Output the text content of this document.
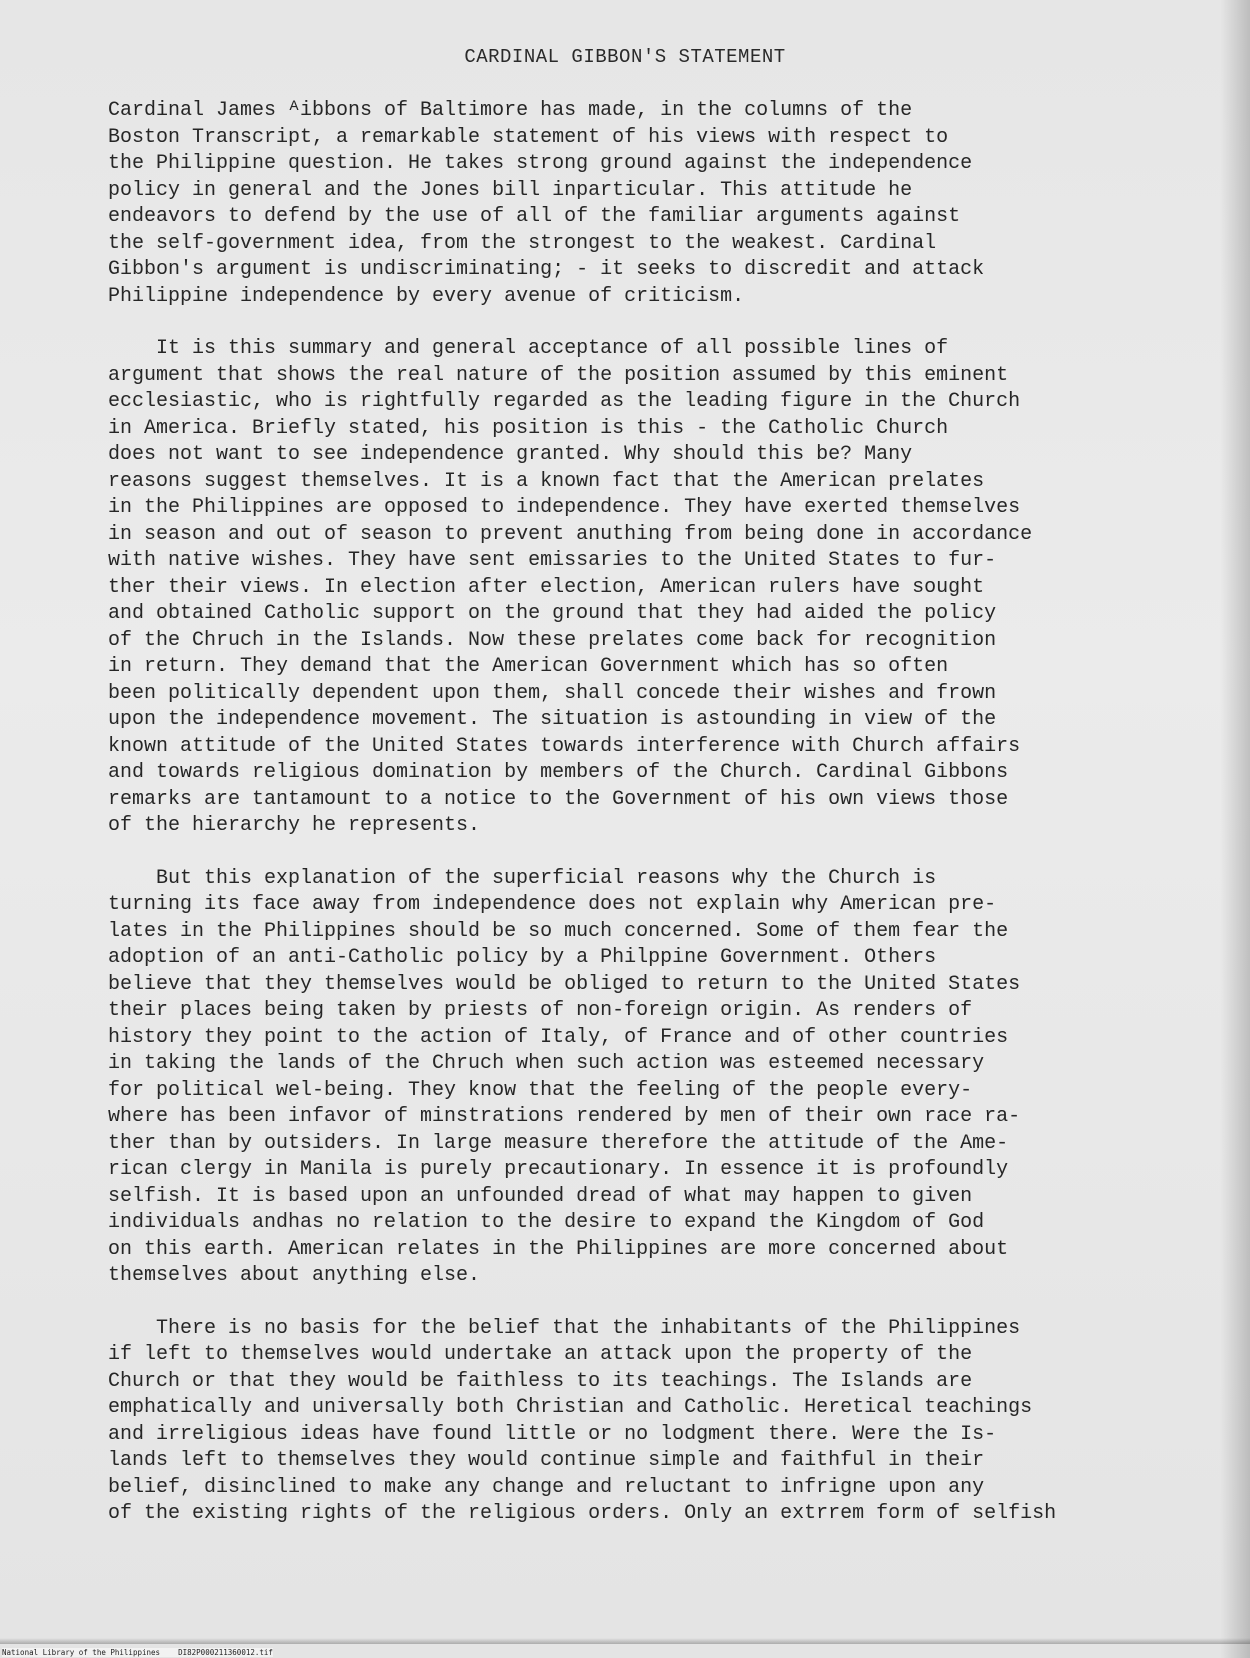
CARDINAL GIBBON'S STATEMENT
Cardinal James ᴬibbons of Baltimore has made, in the columns of the
Boston Transcript, a remarkable statement of his views with respect to
the Philippine question. He takes strong ground against the independence
policy in general and the Jones bill inparticular. This attitude he
endeavors to defend by the use of all of the familiar arguments against
the self-government idea, from the strongest to the weakest. Cardinal
Gibbon's argument is undiscriminating; - it seeks to discredit and attack
Philippine independence by every avenue of criticism.
It is this summary and general acceptance of all possible lines of
argument that shows the real nature of the position assumed by this eminent
ecclesiastic, who is rightfully regarded as the leading figure in the Church
in America. Briefly stated, his position is this - the Catholic Church
does not want to see independence granted. Why should this be? Many
reasons suggest themselves. It is a known fact that the American prelates
in the Philippines are opposed to independence. They have exerted themselves
in season and out of season to prevent anuthing from being done in accordance
with native wishes. They have sent emissaries to the United States to fur-
ther their views. In election after election, American rulers have sought
and obtained Catholic support on the ground that they had aided the policy
of the Chruch in the Islands. Now these prelates come back for recognition
in return. They demand that the American Government which has so often
been politically dependent upon them, shall concede their wishes and frown
upon the independence movement. The situation is astounding in view of the
known attitude of the United States towards interference with Church affairs
and towards religious domination by members of the Church. Cardinal Gibbons
remarks are tantamount to a notice to the Government of his own views those
of the hierarchy he represents.
But this explanation of the superficial reasons why the Church is
turning its face away from independence does not explain why American pre-
lates in the Philippines should be so much concerned. Some of them fear the
adoption of an anti-Catholic policy by a Philppine Government. Others
believe that they themselves would be obliged to return to the United States
their places being taken by priests of non-foreign origin. As renders of
history they point to the action of Italy, of France and of other countries
in taking the lands of the Chruch when such action was esteemed necessary
for political wel-being. They know that the feeling of the people every-
where has been infavor of minstrations rendered by men of their own race ra-
ther than by outsiders. In large measure therefore the attitude of the Ame-
rican clergy in Manila is purely precautionary. In essence it is profoundly
selfish. It is based upon an unfounded dread of what may happen to given
individuals andhas no relation to the desire to expand the Kingdom of God
on this earth. American relates in the Philippines are more concerned about
themselves about anything else.
There is no basis for the belief that the inhabitants of the Philippines
if left to themselves would undertake an attack upon the property of the
Church or that they would be faithless to its teachings. The Islands are
emphatically and universally both Christian and Catholic. Heretical teachings
and irreligious ideas have found little or no lodgment there. Were the Is-
lands left to themselves they would continue simple and faithful in their
belief, disinclined to make any change and reluctant to infrigne upon any
of the existing rights of the religious orders. Only an extrrem form of selfish
National Library of the Philippines DI82P000211360012.tif
